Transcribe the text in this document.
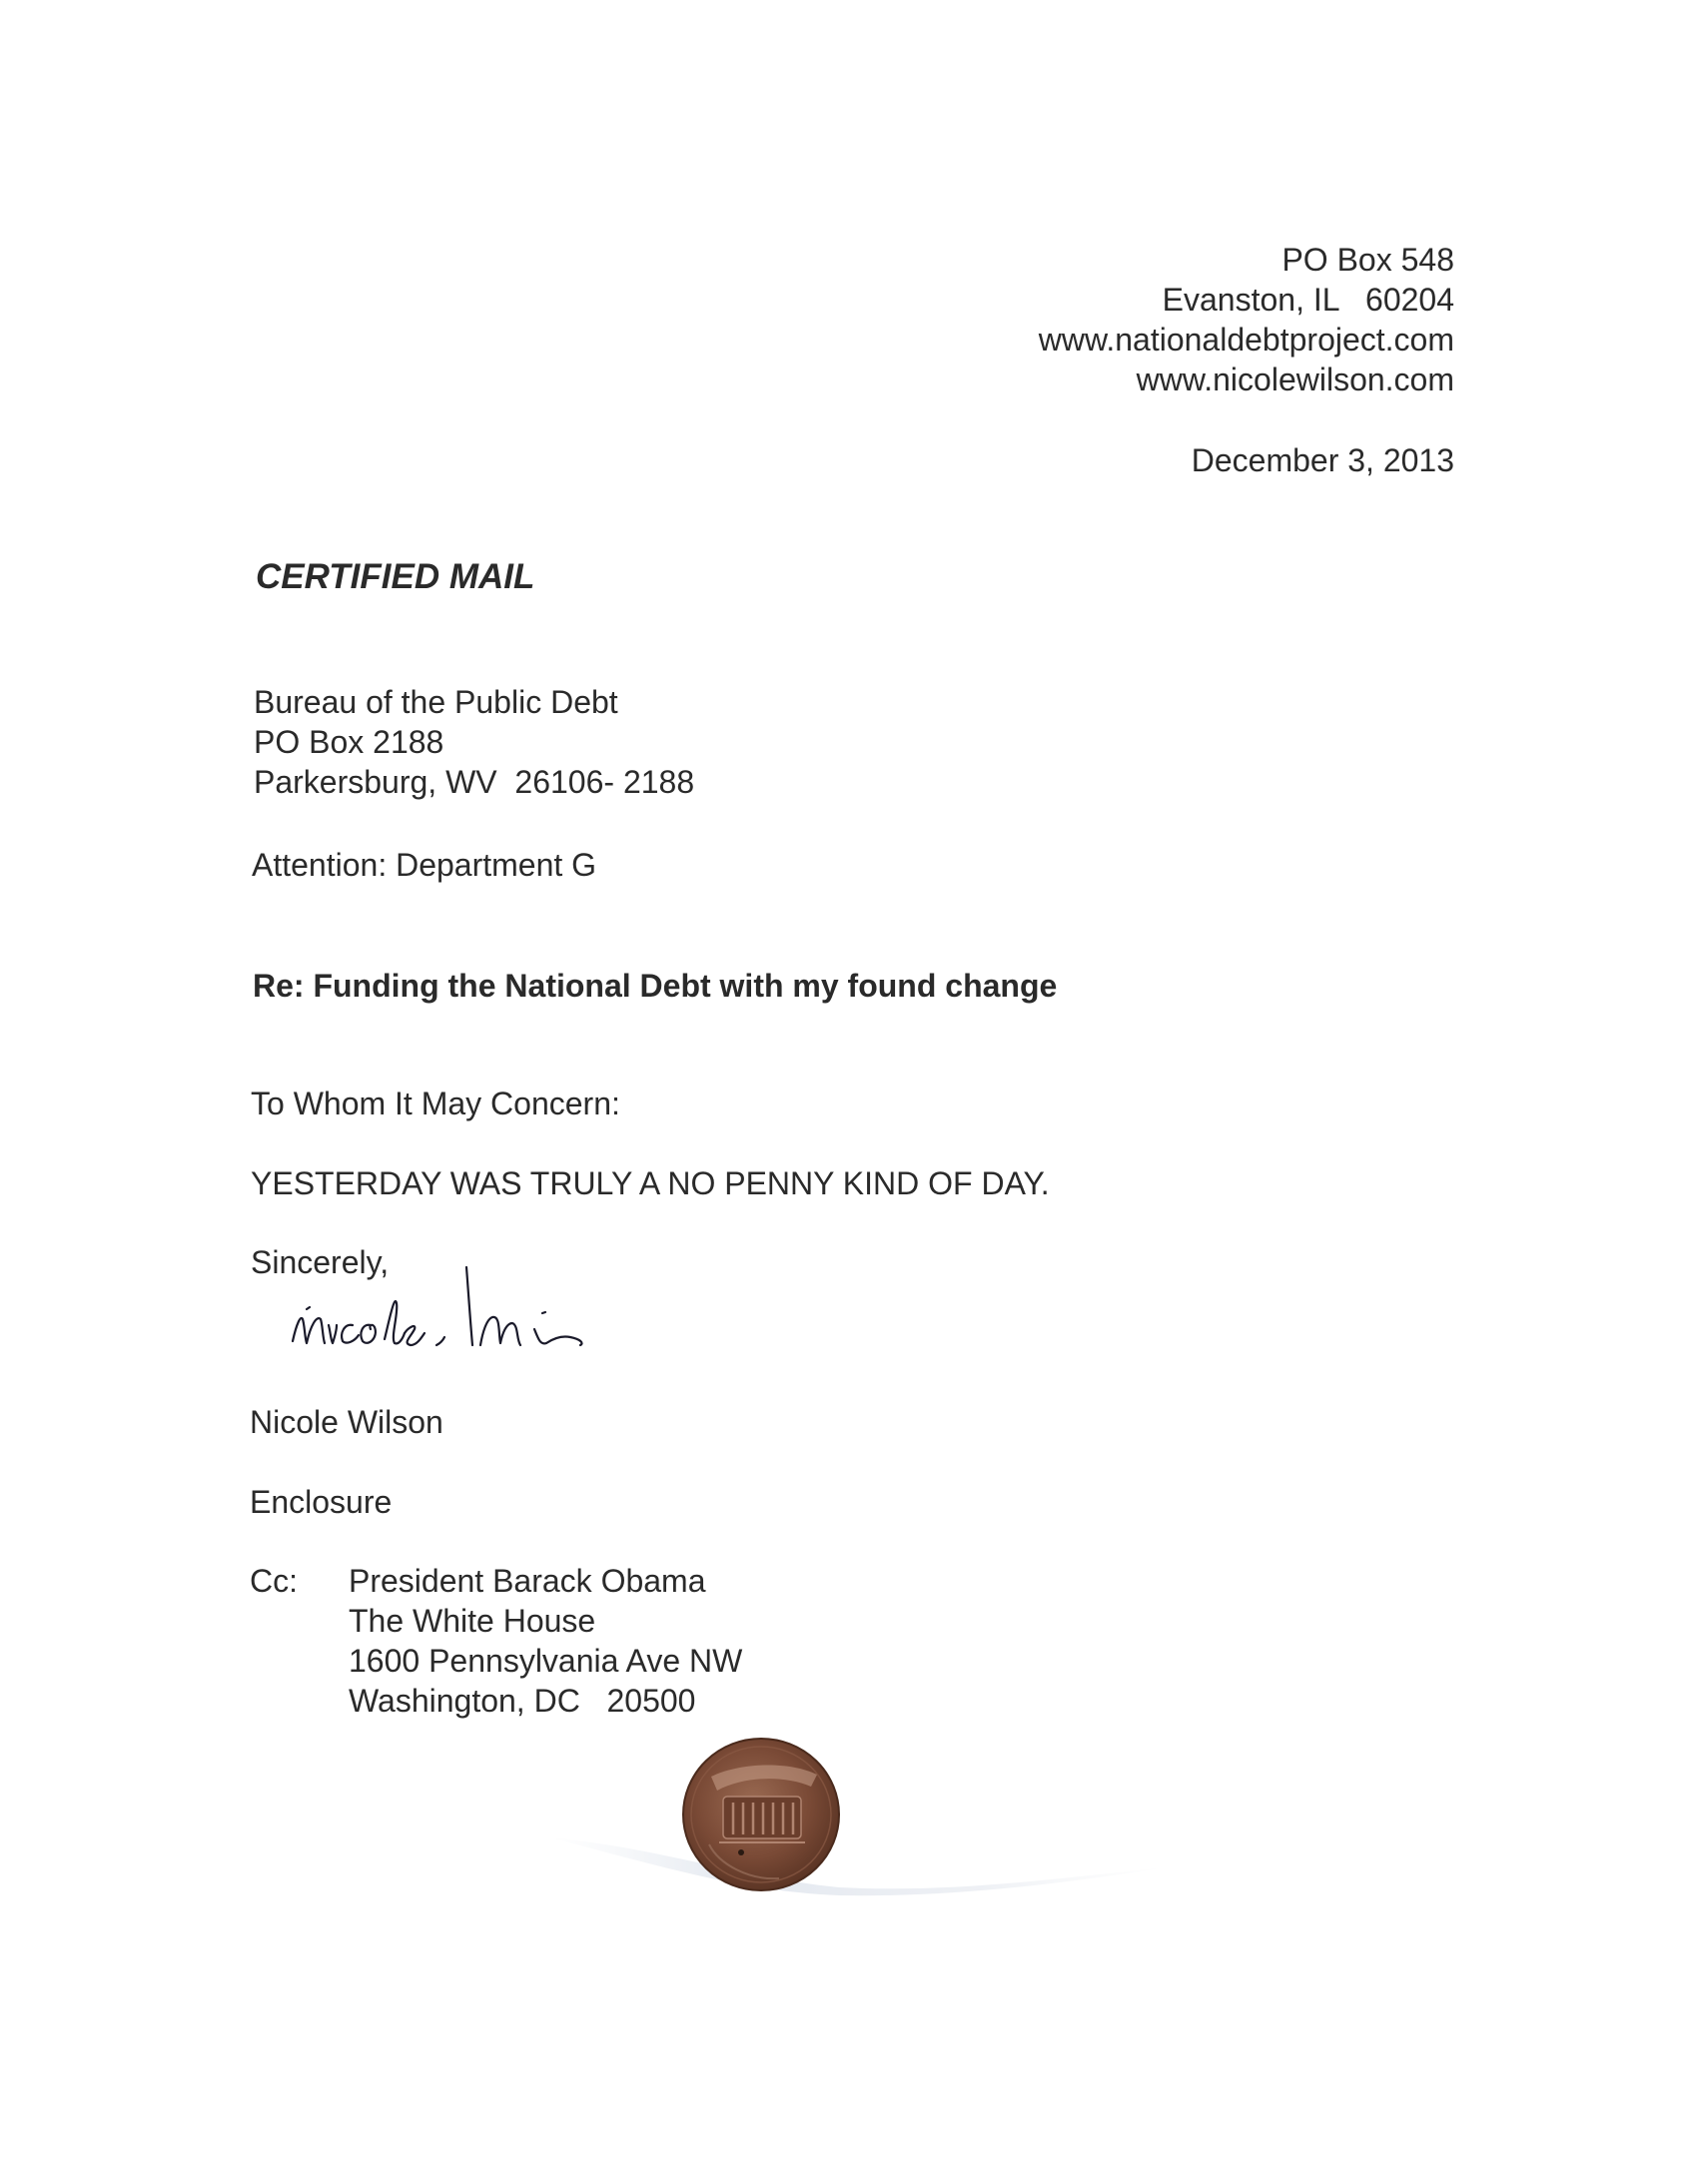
PO Box 548
Evanston, IL   60204
www.nationaldebtproject.com
www.nicolewilson.com
December 3, 2013
CERTIFIED MAIL
Bureau of the Public Debt
PO Box 2188
Parkersburg, WV  26106- 2188
Attention: Department G
Re: Funding the National Debt with my found change
To Whom It May Concern:
YESTERDAY WAS TRULY A NO PENNY KIND OF DAY.
Sincerely,
Nicole Wilson
Enclosure
Cc: President Barack Obama
The White House
1600 Pennsylvania Ave NW
Washington, DC   20500
